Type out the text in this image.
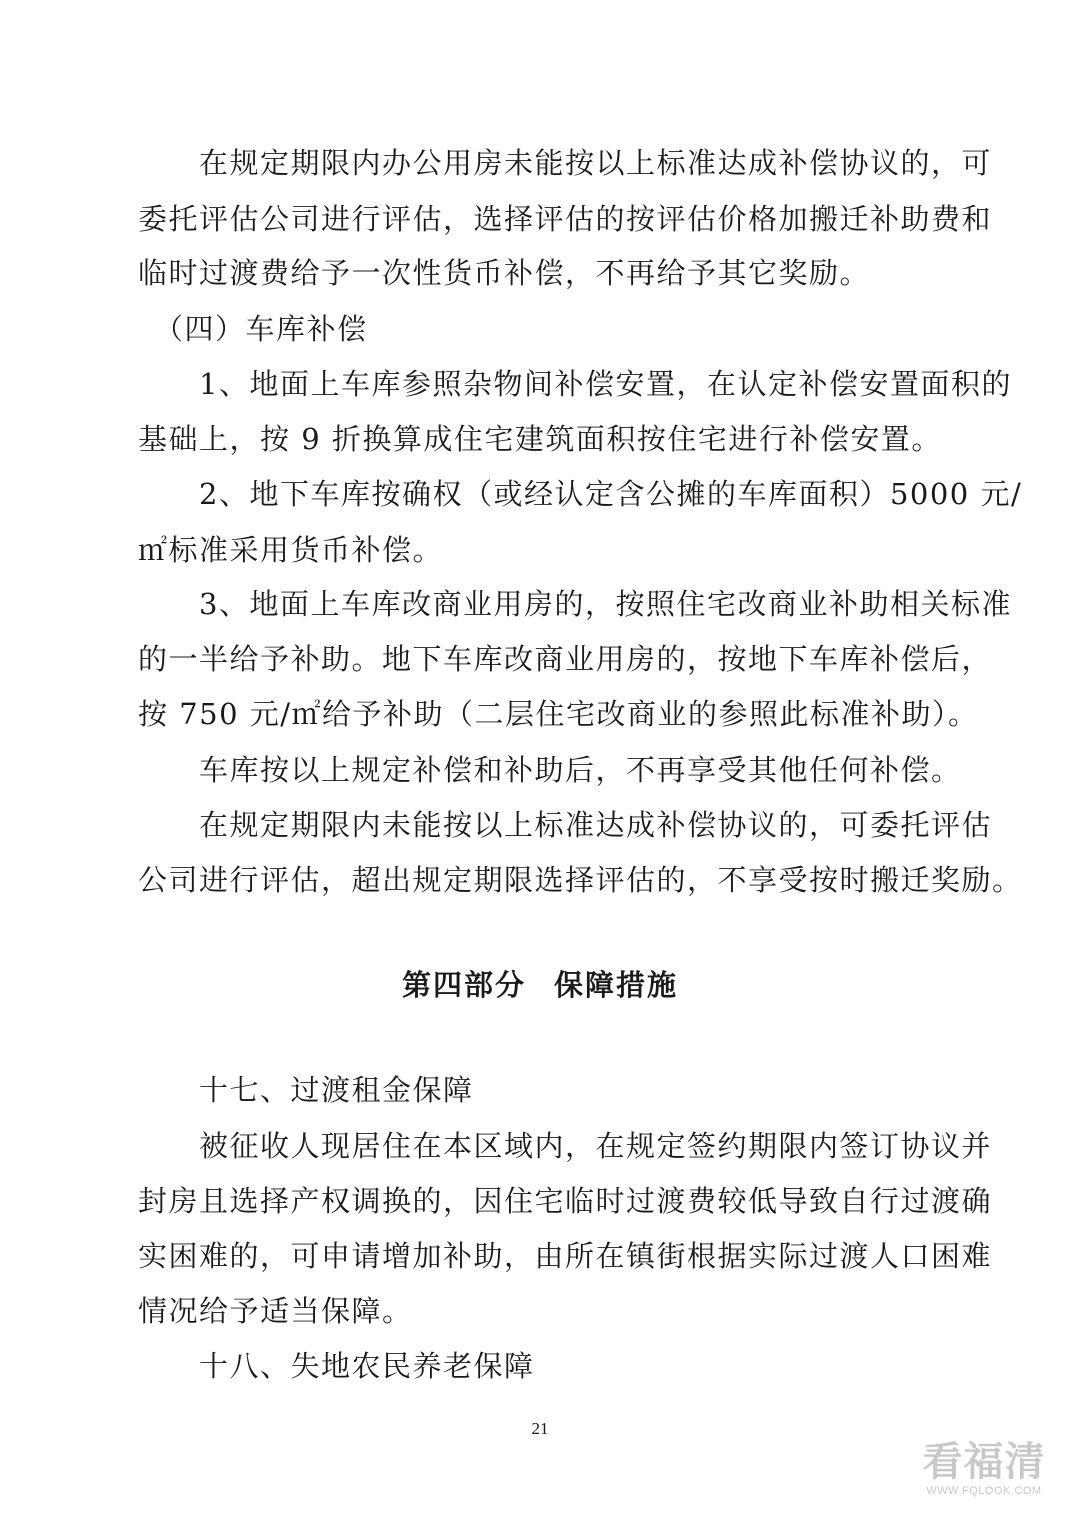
　　在规定期限内办公用房未能按以上标准达成补偿协议的，可
委托评估公司进行评估，选择评估的按评估价格加搬迁补助费和
临时过渡费给予一次性货币补偿，不再给予其它奖励。
　（四）车库补偿
　　1、地面上车库参照杂物间补偿安置，在认定补偿安置面积的
基础上，按 9 折换算成住宅建筑面积按住宅进行补偿安置。
　　2、地下车库按确权（或经认定含公摊的车库面积）5000 元/
㎡标准采用货币补偿。
　　3、地面上车库改商业用房的，按照住宅改商业补助相关标准
的一半给予补助。地下车库改商业用房的，按地下车库补偿后，
按 750 元/㎡给予补助（二层住宅改商业的参照此标准补助）。
　　车库按以上规定补偿和补助后，不再享受其他任何补偿。
　　在规定期限内未能按以上标准达成补偿协议的，可委托评估
公司进行评估，超出规定期限选择评估的，不享受按时搬迁奖励。
第四部分 保障措施
　　十七、过渡租金保障
　　被征收人现居住在本区域内，在规定签约期限内签订协议并
封房且选择产权调换的，因住宅临时过渡费较低导致自行过渡确
实困难的，可申请增加补助，由所在镇街根据实际过渡人口困难
情况给予适当保障。
　　十八、失地农民养老保障
21
看福清
WWW.FQLOOK.COM
